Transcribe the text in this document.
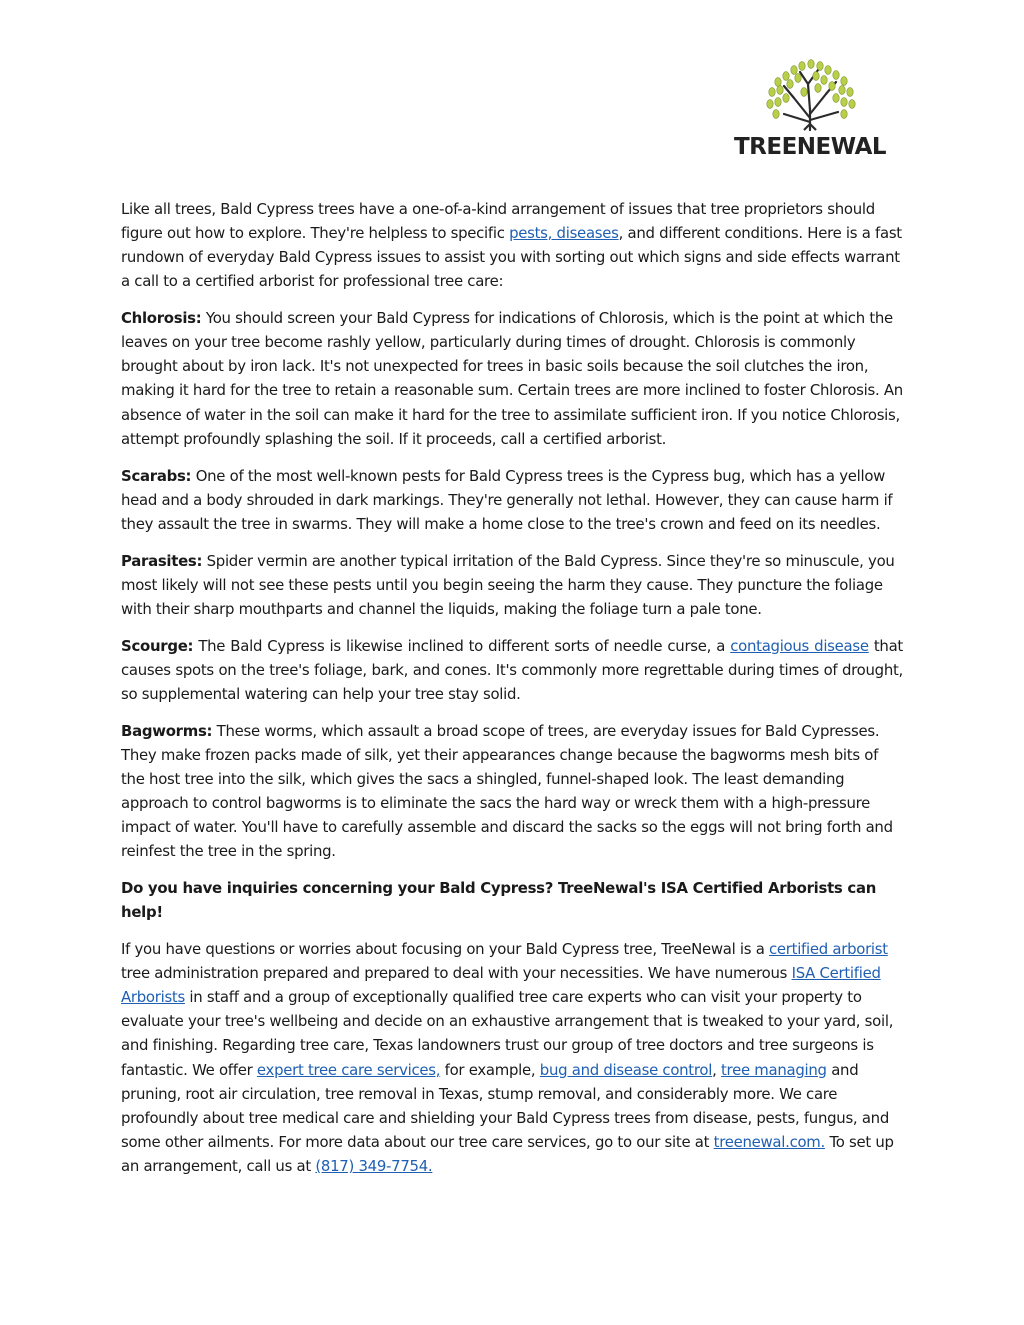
TREENEWAL

Like all trees, Bald Cypress trees have a one-of-a-kind arrangement of issues that tree proprietors should figure out how to explore. They're helpless to specific pests, diseases, and different conditions. Here is a fast rundown of everyday Bald Cypress issues to assist you with sorting out which signs and side effects warrant a call to a certified arborist for professional tree care:

Chlorosis: You should screen your Bald Cypress for indications of Chlorosis, which is the point at which the leaves on your tree become rashly yellow, particularly during times of drought. Chlorosis is commonly brought about by iron lack. It's not unexpected for trees in basic soils because the soil clutches the iron, making it hard for the tree to retain a reasonable sum. Certain trees are more inclined to foster Chlorosis. An absence of water in the soil can make it hard for the tree to assimilate sufficient iron. If you notice Chlorosis, attempt profoundly splashing the soil. If it proceeds, call a certified arborist.

Scarabs: One of the most well-known pests for Bald Cypress trees is the Cypress bug, which has a yellow head and a body shrouded in dark markings. They're generally not lethal. However, they can cause harm if they assault the tree in swarms. They will make a home close to the tree's crown and feed on its needles.

Parasites: Spider vermin are another typical irritation of the Bald Cypress. Since they're so minuscule, you most likely will not see these pests until you begin seeing the harm they cause. They puncture the foliage with their sharp mouthparts and channel the liquids, making the foliage turn a pale tone.

Scourge: The Bald Cypress is likewise inclined to different sorts of needle curse, a contagious disease that causes spots on the tree's foliage, bark, and cones. It's commonly more regrettable during times of drought, so supplemental watering can help your tree stay solid.

Bagworms: These worms, which assault a broad scope of trees, are everyday issues for Bald Cypresses. They make frozen packs made of silk, yet their appearances change because the bagworms mesh bits of the host tree into the silk, which gives the sacs a shingled, funnel-shaped look. The least demanding approach to control bagworms is to eliminate the sacs the hard way or wreck them with a high-pressure impact of water. You'll have to carefully assemble and discard the sacks so the eggs will not bring forth and reinfest the tree in the spring.

Do you have inquiries concerning your Bald Cypress? TreeNewal's ISA Certified Arborists can help!

If you have questions or worries about focusing on your Bald Cypress tree, TreeNewal is a certified arborist tree administration prepared and prepared to deal with your necessities. We have numerous ISA Certified Arborists in staff and a group of exceptionally qualified tree care experts who can visit your property to evaluate your tree's wellbeing and decide on an exhaustive arrangement that is tweaked to your yard, soil, and finishing. Regarding tree care, Texas landowners trust our group of tree doctors and tree surgeons is fantastic. We offer expert tree care services, for example, bug and disease control, tree managing and pruning, root air circulation, tree removal in Texas, stump removal, and considerably more. We care profoundly about tree medical care and shielding your Bald Cypress trees from disease, pests, fungus, and some other ailments. For more data about our tree care services, go to our site at treenewal.com. To set up an arrangement, call us at (817) 349-7754.
